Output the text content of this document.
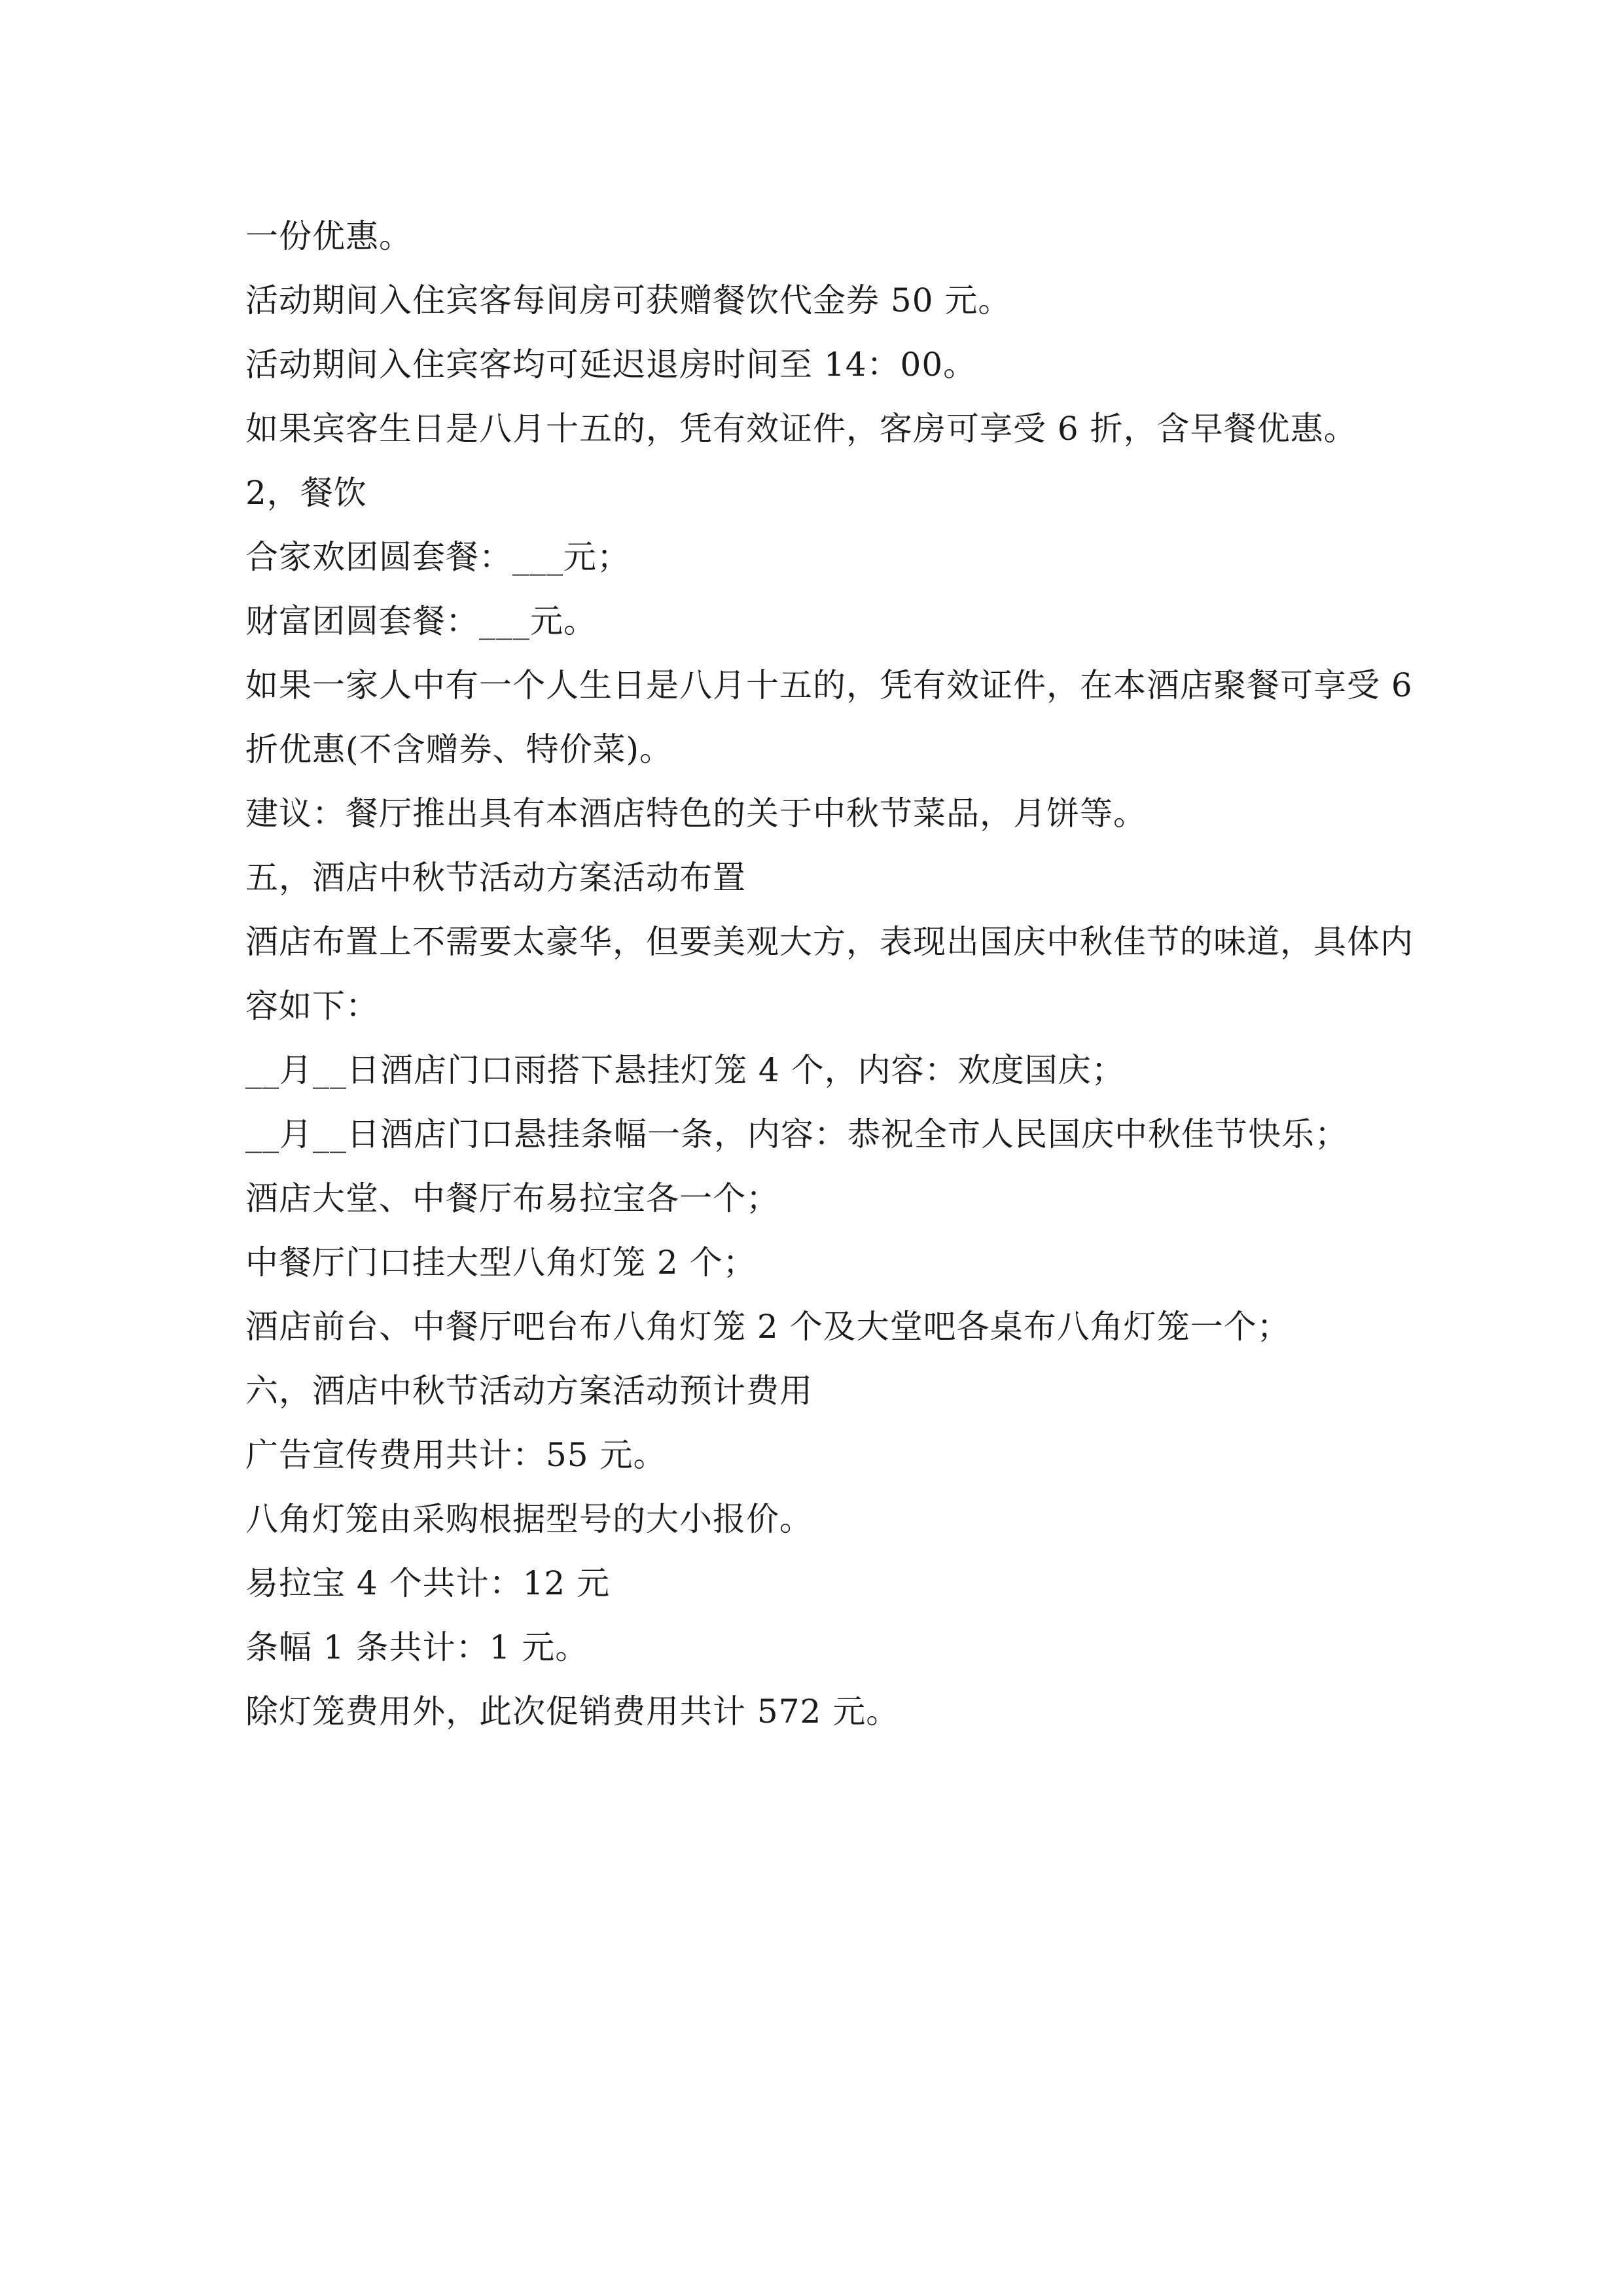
一份优惠。
活动期间入住宾客每间房可获赠餐饮代金券 50 元。
活动期间入住宾客均可延迟退房时间至 14：00。
如果宾客生日是八月十五的，凭有效证件，客房可享受 6 折，含早餐优惠。
2，餐饮
合家欢团圆套餐：___元；
财富团圆套餐：___元。
如果一家人中有一个人生日是八月十五的，凭有效证件，在本酒店聚餐可享受 6
折优惠(不含赠券、特价菜)。
建议：餐厅推出具有本酒店特色的关于中秋节菜品，月饼等。
五，酒店中秋节活动方案活动布置
酒店布置上不需要太豪华，但要美观大方，表现出国庆中秋佳节的味道，具体内
容如下：
__月__日酒店门口雨搭下悬挂灯笼 4 个，内容：欢度国庆；
__月__日酒店门口悬挂条幅一条，内容：恭祝全市人民国庆中秋佳节快乐；
酒店大堂、中餐厅布易拉宝各一个；
中餐厅门口挂大型八角灯笼 2 个；
酒店前台、中餐厅吧台布八角灯笼 2 个及大堂吧各桌布八角灯笼一个；
六，酒店中秋节活动方案活动预计费用
广告宣传费用共计：55 元。
八角灯笼由采购根据型号的大小报价。
易拉宝 4 个共计：12 元
条幅 1 条共计：1 元。
除灯笼费用外，此次促销费用共计 572 元。
